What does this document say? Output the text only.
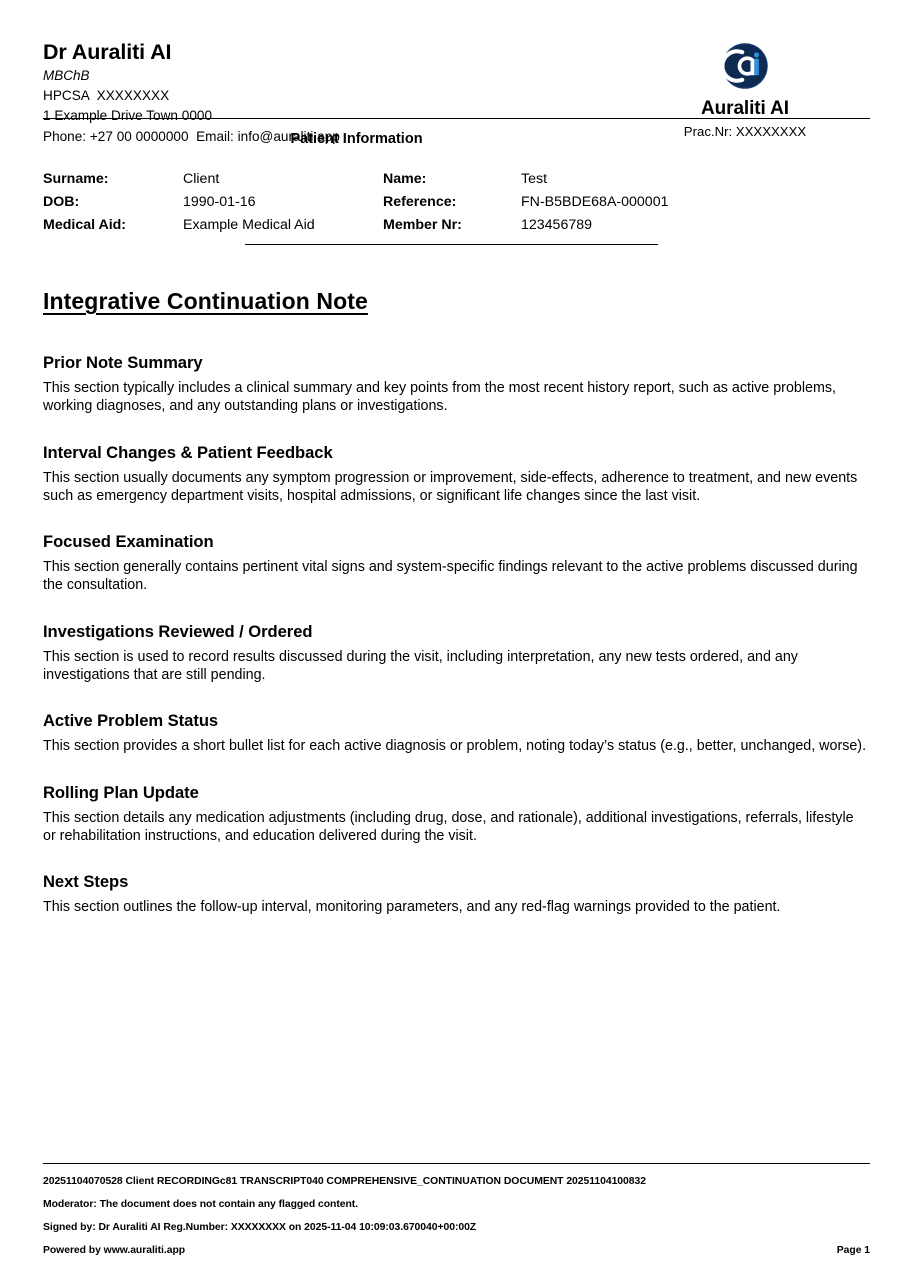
Dr Auraliti AI
MBChB
HPCSA  XXXXXXXX
1 Example Drive Town 0000
Phone: +27 00 0000000  Email: info@auraliti.app
Auraliti AI
Prac.Nr: XXXXXXXX
Patient Information
Surname:	Client	Name:	Test
DOB:	1990-01-16	Reference:	FN-B5BDE68A-000001
Medical Aid:	Example Medical Aid	Member Nr:	123456789
Integrative Continuation Note
Prior Note Summary

This section typically includes a clinical summary and key points from the most recent history report, such as active problems, working diagnoses, and any outstanding plans or investigations.

Interval Changes & Patient Feedback

This section usually documents any symptom progression or improvement, side-effects, adherence to treatment, and new events such as emergency department visits, hospital admissions, or significant life changes since the last visit.

Focused Examination

This section generally contains pertinent vital signs and system-specific findings relevant to the active problems discussed during the consultation.

Investigations Reviewed / Ordered

This section is used to record results discussed during the visit, including interpretation, any new tests ordered, and any investigations that are still pending.

Active Problem Status

This section provides a short bullet list for each active diagnosis or problem, noting today’s status (e.g., better, unchanged, worse).

Rolling Plan Update

This section details any medication adjustments (including drug, dose, and rationale), additional investigations, referrals, lifestyle or rehabilitation instructions, and education delivered during the visit.

Next Steps

This section outlines the follow-up interval, monitoring parameters, and any red-flag warnings provided to the patient.

20251104070528 Client RECORDINGc81 TRANSCRIPT040 COMPREHENSIVE_CONTINUATION DOCUMENT 20251104100832
Moderator: The document does not contain any flagged content.
Signed by: Dr Auraliti AI Reg.Number: XXXXXXXX on 2025-11-04 10:09:03.670040+00:00Z
Powered by www.auraliti.app	Page 1
